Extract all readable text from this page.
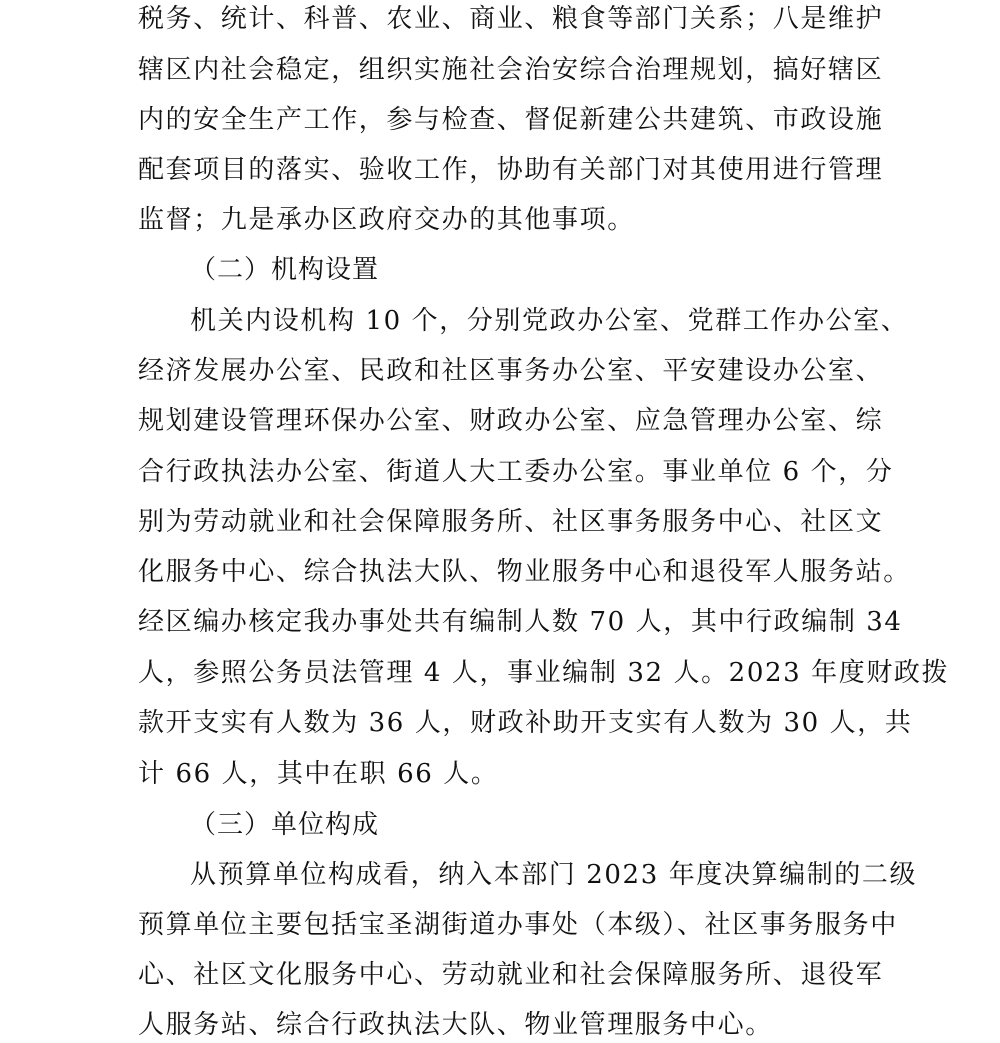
税务、统计、科普、农业、商业、粮食等部门关系；八是维护

辖区内社会稳定，组织实施社会治安综合治理规划，搞好辖区

内的安全生产工作，参与检查、督促新建公共建筑、市政设施

配套项目的落实、验收工作，协助有关部门对其使用进行管理

监督；九是承办区政府交办的其他事项。

（二）机构设置

机关内设机构 10 个，分别党政办公室、党群工作办公室、

经济发展办公室、民政和社区事务办公室、平安建设办公室、

规划建设管理环保办公室、财政办公室、应急管理办公室、综

合行政执法办公室、街道人大工委办公室。事业单位 6 个，分

别为劳动就业和社会保障服务所、社区事务服务中心、社区文

化服务中心、综合执法大队、物业服务中心和退役军人服务站。

经区编办核定我办事处共有编制人数 70 人，其中行政编制 34

人，参照公务员法管理 4 人，事业编制 32 人。2023 年度财政拨

款开支实有人数为 36 人，财政补助开支实有人数为 30 人，共

计 66 人，其中在职 66 人。

（三）单位构成

从预算单位构成看，纳入本部门 2023 年度决算编制的二级

预算单位主要包括宝圣湖街道办事处（本级）、社区事务服务中

心、社区文化服务中心、劳动就业和社会保障服务所、退役军

人服务站、综合行政执法大队、物业管理服务中心。
